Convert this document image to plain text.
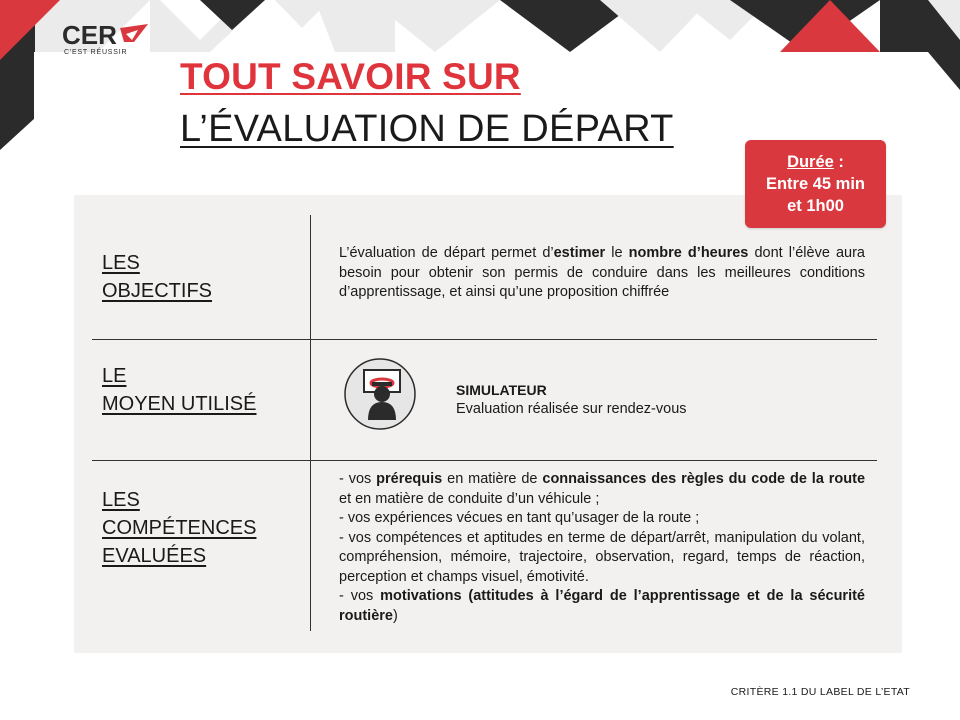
CER
C'EST RÉUSSIR
TOUT SAVOIR SUR
L’ÉVALUATION DE DÉPART
Durée :
Entre 45 min
et 1h00
LES
OBJECTIFS
L’évaluation de départ permet d’estimer le nombre d’heures dont l’élève aura besoin pour obtenir son permis de conduire dans les meilleures conditions d’apprentissage, et ainsi qu’une proposition chiffrée
LE
MOYEN UTILISÉ
SIMULATEUR
Evaluation réalisée sur rendez-vous
LES
COMPÉTENCES
EVALUÉES
- vos prérequis en matière de connaissances des règles du code de la route et en matière de conduite d’un véhicule ;
- vos expériences vécues en tant qu’usager de la route ;
- vos compétences et aptitudes en terme de départ/arrêt, manipulation du volant, compréhension, mémoire, trajectoire, observation, regard, temps de réaction, perception et champs visuel, émotivité.
- vos motivations (attitudes à l’égard de l’apprentissage et de la sécurité routière)
CRITÈRE 1.1 DU LABEL DE L’ETAT
